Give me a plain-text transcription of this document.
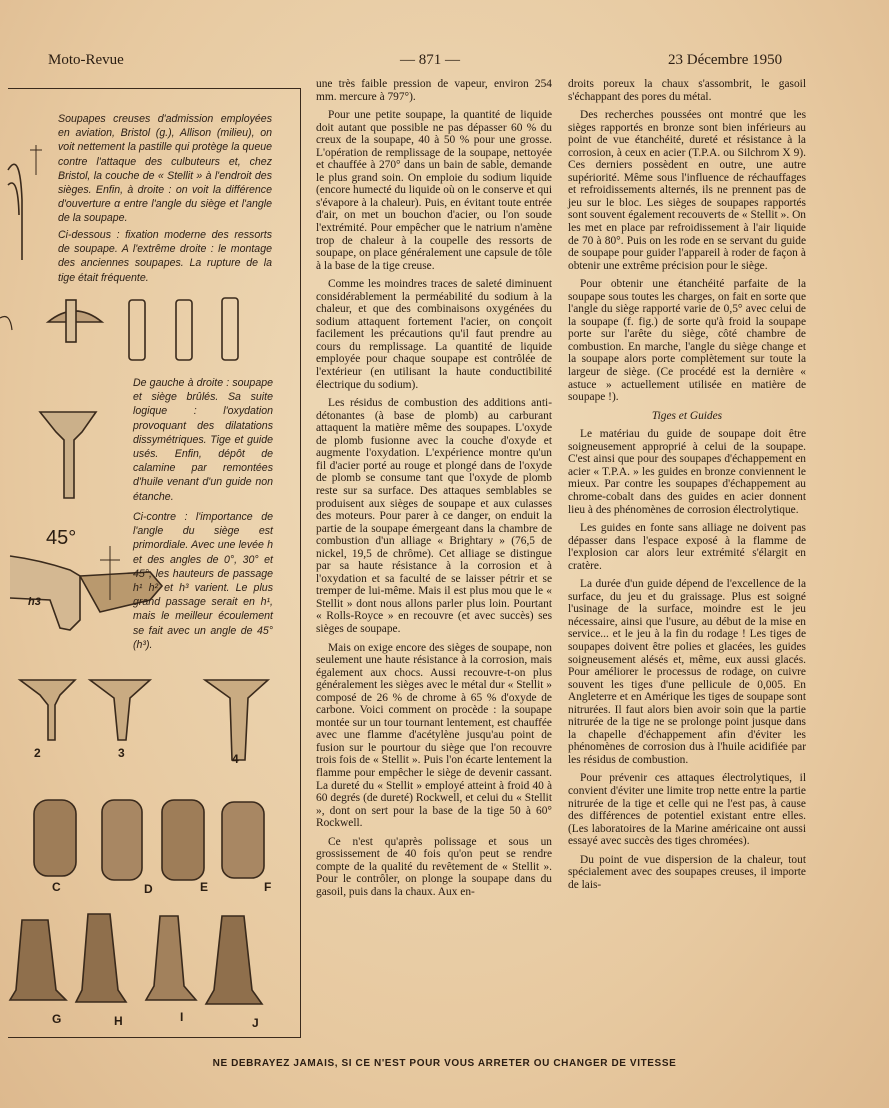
Moto-Revue	— 871 —	23 Décembre 1950

Soupapes creuses d'admission employées en aviation, Bristol (g.), Allison (milieu), on voit nettement la pastille qui protège la queue contre l'attaque des culbuteurs et, chez Bristol, la couche de « Stellit » à l'endroit des sièges. Enfin, à droite : on voit la différence d'ouverture α entre l'angle du siège et l'angle de la soupape.

Ci-dessous : fixation moderne des ressorts de soupape. A l'extrême droite : le montage des anciennes soupapes. La rupture de la tige était fréquente.

De gauche à droite : soupape et siège brûlés. Sa suite logique : l'oxydation provoquant des dilatations dissymétriques. Tige et guide usés. Enfin, dépôt de calamine par remontées d'huile venant d'un guide non étanche.

Ci-contre : l'importance de l'angle du siège est primordiale. Avec une levée h et des angles de 0°, 30° et 45°, les hauteurs de passage h¹ h² et h³ varient. Le plus grand passage serait en h¹, mais le meilleur écoulement se fait avec un angle de 45° (h³).

45°
h3
2	3	4
C	D	E	F
G	H	I	J

une très faible pression de vapeur, environ 254 mm. mercure à 797°).

Pour une petite soupape, la quantité de liquide doit autant que possible ne pas dépasser 60 % du creux de la soupape, 40 à 50 % pour une grosse. L'opération de remplissage de la soupape, nettoyée et chauffée à 270° dans un bain de sable, demande le plus grand soin. On emploie du sodium liquide (encore humecté du liquide où on le conserve et qui s'évapore à la chaleur). Puis, en évitant toute entrée d'air, on met un bouchon d'acier, ou l'on soude l'extrémité. Pour empêcher que le natrium n'amène trop de chaleur à la coupelle des ressorts de soupape, on place généralement une capsule de tôle à la base de la tige creuse.

Comme les moindres traces de saleté diminuent considérablement la perméabilité du sodium à la chaleur, et que des combinaisons oxygénées du sodium attaquent fortement l'acier, on conçoit facilement les précautions qu'il faut prendre au cours du remplissage. La quantité de liquide employée pour chaque soupape est contrôlée de l'extérieur (en utilisant la haute conductibilité électrique du sodium).

Les résidus de combustion des additions anti-détonantes (à base de plomb) au carburant attaquent la matière même des soupapes. L'oxyde de plomb fusionne avec la couche d'oxyde et augmente l'oxydation. L'expérience montre qu'un fil d'acier porté au rouge et plongé dans de l'oxyde de plomb se consume tant que l'oxyde de plomb reste sur sa surface. Des attaques semblables se produisent aux sièges de soupape et aux culasses des moteurs. Pour parer à ce danger, on enduit la partie de la soupape émergeant dans la chambre de combustion d'un alliage « Brightary » (76,5 de nickel, 19,5 de chrôme). Cet alliage se distingue par sa haute résistance à la corrosion et à l'oxydation et sa faculté de se laisser pétrir et se tremper de lui-même. Mais il est plus mou que le « Stellit » dont nous allons parler plus loin. Pourtant « Rolls-Royce » en recouvre (et avec succès) ses sièges de soupape.

Mais on exige encore des sièges de soupape, non seulement une haute résistance à la corrosion, mais également aux chocs. Aussi recouvre-t-on plus généralement les sièges avec le métal dur « Stellit » composé de 26 % de chrome à 65 % d'oxyde de carbone. Voici comment on procède : la soupape montée sur un tour tournant lentement, est chauffée avec une flamme d'acétylène jusqu'au point de fusion sur le pourtour du siège que l'on recouvre trois fois de « Stellit ». Puis l'on écarte lentement la flamme pour empêcher le siège de devenir cassant. La dureté du « Stellit » employé atteint à froid 40 à 60 degrés (de dureté) Rockwell, et celui du « Stellit », dont on sert pour la base de la tige 50 à 60° Rockwell.

Ce n'est qu'après polissage et sous un grossissement de 40 fois qu'on peut se rendre compte de la qualité du revêtement de « Stellit ». Pour le contrôler, on plonge la soupape dans du gasoil, puis dans la chaux. Aux en-

droits poreux la chaux s'assombrit, le gasoil s'échappant des pores du métal.

Des recherches poussées ont montré que les sièges rapportés en bronze sont bien inférieurs au point de vue étanchéité, dureté et résistance à la corrosion, à ceux en acier (T.P.A. ou Silchrom X 9). Ces derniers possèdent en outre, une autre supériorité. Même sous l'influence de réchauffages et refroidissements alternés, ils ne prennent pas de jeu sur le bloc. Les sièges de soupapes rapportés sont souvent également recouverts de « Stellit ». On les met en place par refroidissement à l'air liquide de 70 à 80°. Puis on les rode en se servant du guide de soupape pour guider l'appareil à roder de façon à obtenir une extrême précision pour le siège.

Pour obtenir une étanchéité parfaite de la soupape sous toutes les charges, on fait en sorte que l'angle du siège rapporté varie de 0,5° avec celui de la soupape (f. fig.) de sorte qu'à froid la soupape porte sur l'arête du siège, côté chambre de combustion. En marche, l'angle du siège change et la soupape alors porte complètement sur toute la largeur de siège. (Ce procédé est la dernière « astuce » actuellement utilisée en matière de soupape !).

Tiges et Guides

Le matériau du guide de soupape doit être soigneusement approprié à celui de la soupape. C'est ainsi que pour des soupapes d'échappement en acier « T.P.A. » les guides en bronze conviennent le mieux. Par contre les soupapes d'échappement au chrome-cobalt dans des guides en acier donnent lieu à des phénomènes de corrosion électrolytique.

Les guides en fonte sans alliage ne doivent pas dépasser dans l'espace exposé à la flamme de l'explosion car alors leur extrémité s'élargit en cratère.

La durée d'un guide dépend de l'excellence de la surface, du jeu et du graissage. Plus est soigné l'usinage de la surface, moindre est le jeu nécessaire, ainsi que l'usure, au début de la mise en service... et le jeu à la fin du rodage ! Les tiges de soupapes doivent être polies et glacées, les guides soigneusement alésés et, même, eux aussi glacés. Pour améliorer le processus de rodage, on cuivre souvent les tiges d'une pellicule de 0,005. En Angleterre et en Amérique les tiges de soupape sont nitrurées. Il faut alors bien avoir soin que la partie nitrurée de la tige ne se prolonge point jusque dans la chapelle d'échappement afin d'éviter les phénomènes de corrosion dus à l'huile acidifiée par les résidus de combustion.

Pour prévenir ces attaques électrolytiques, il convient d'éviter une limite trop nette entre la partie nitrurée de la tige et celle qui ne l'est pas, à cause des différences de potentiel existant entre elles. (Les laboratoires de la Marine américaine ont aussi essayé avec succès des tiges chromées).

Du point de vue dispersion de la chaleur, tout spécialement avec des soupapes creuses, il importe de lais-

NE DEBRAYEZ JAMAIS, SI CE N'EST POUR VOUS ARRETER OU CHANGER DE VITESSE
